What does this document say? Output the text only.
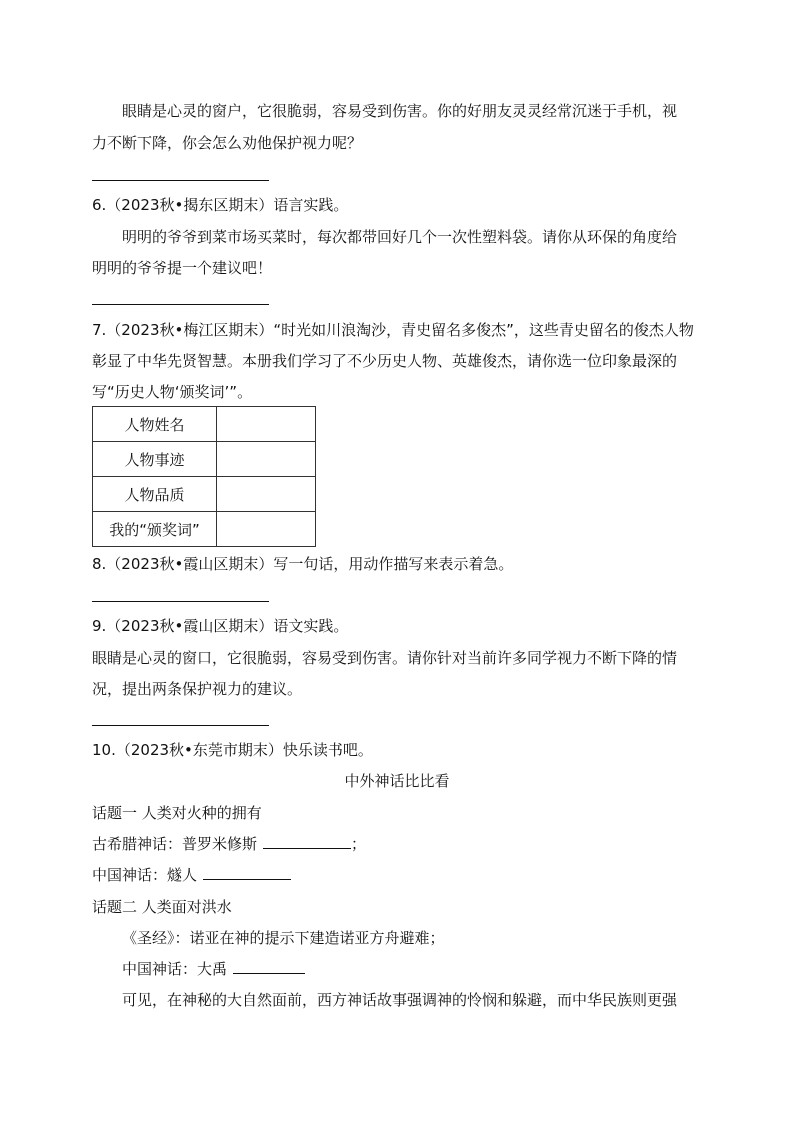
眼睛是心灵的窗户，它很脆弱，容易受到伤害。你的好朋友灵灵经常沉迷于手机，视
力不断下降，你会怎么劝他保护视力呢？
6.（2023秋•揭东区期末）语言实践。
明明的爷爷到菜市场买菜时，每次都带回好几个一次性塑料袋。请你从环保的角度给
明明的爷爷提一个建议吧！
7.（2023秋•梅江区期末）“时光如川浪淘沙，青史留名多俊杰”，这些青史留名的俊杰人物
彰显了中华先贤智慧。本册我们学习了不少历史人物、英雄俊杰，请你选一位印象最深的
写“历史人物‘颁奖词’”。
人物姓名	
人物事迹	
人物品质	
我的“颁奖词”	
8.（2023秋•霞山区期末）写一句话，用动作描写来表示着急。
9.（2023秋•霞山区期末）语文实践。
眼睛是心灵的窗口，它很脆弱，容易受到伤害。请你针对当前许多同学视力不断下降的情
况，提出两条保护视力的建议。
10.（2023秋•东莞市期末）快乐读书吧。
中外神话比比看
话题一 人类对火种的拥有
古希腊神话：普罗米修斯	；
中国神话：燧人
话题二 人类面对洪水
《圣经》：诺亚在神的提示下建造诺亚方舟避难；
中国神话：大禹
可见，在神秘的大自然面前，西方神话故事强调神的怜悯和躲避，而中华民族则更强
